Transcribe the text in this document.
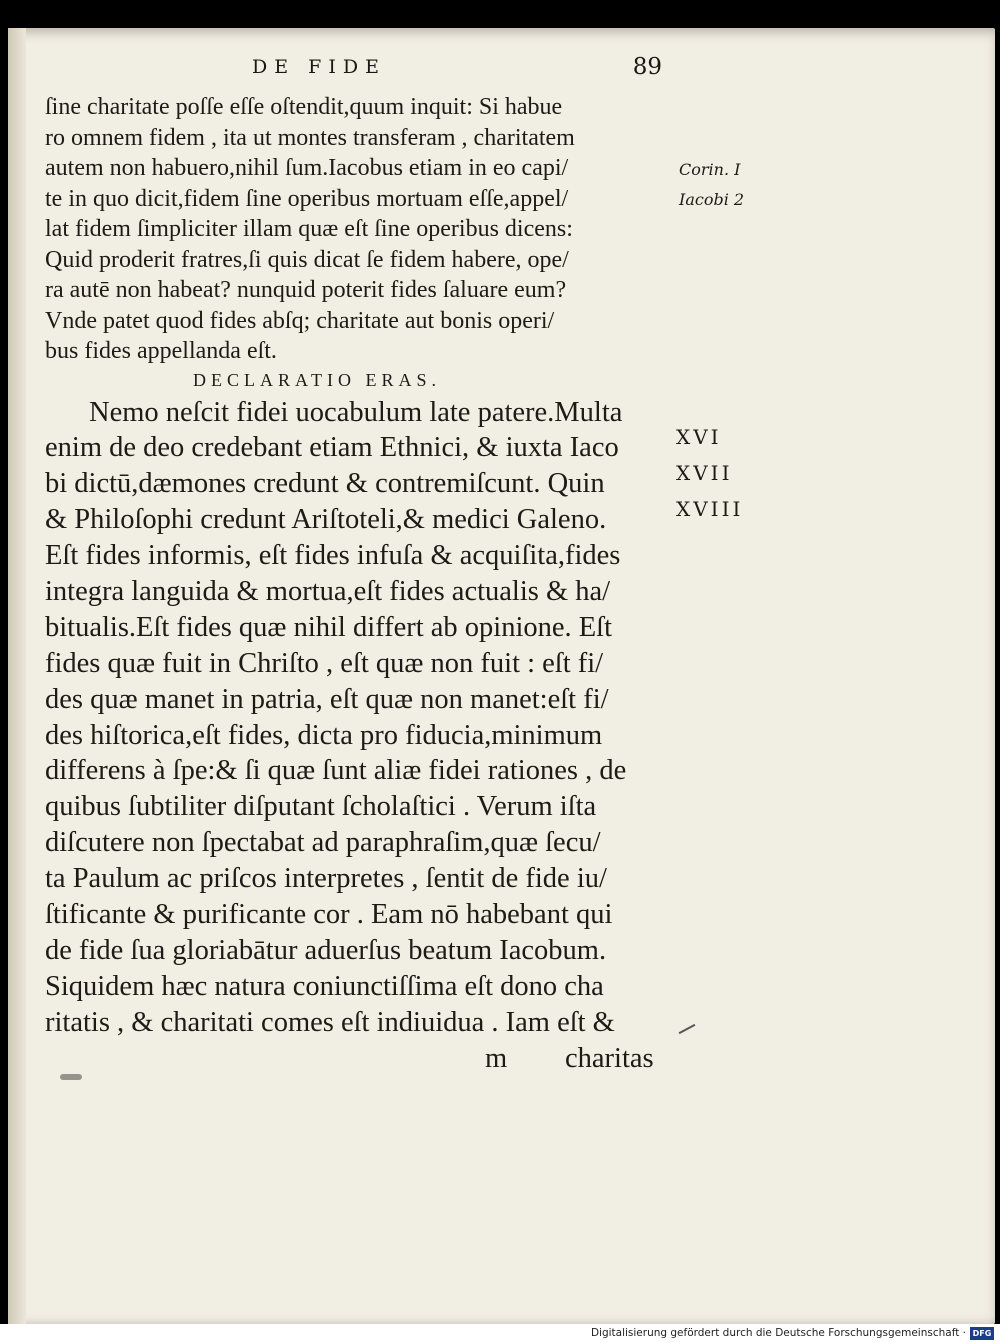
DE FIDE	89
ſine charitate poſſe eſſe oſtendit,quum inquit: Si habue
ro omnem fidem , ita ut montes transferam , charitatem
autem non habuero,nihil ſum.Iacobus etiam in eo capi/
te in quo dicit,fidem ſine operibus mortuam eſſe,appel/
lat fidem ſimpliciter illam quæ eſt ſine operibus dicens:
Quid proderit fratres,ſi quis dicat ſe fidem habere, ope/
ra autē non habeat? nunquid poterit fides ſaluare eum?
Vnde patet quod fides abſq; charitate aut bonis operi/
bus fides appellanda eſt.
DECLARATIO ERAS.
Nemo neſcit fidei uocabulum late patere.Multa
enim de deo credebant etiam Ethnici, & iuxta Iaco
bi dictū,dæmones credunt & contremiſcunt. Quin
& Philoſophi credunt Ariſtoteli,& medici Galeno.
Eſt fides informis, eſt fides infuſa & acquiſita,fides
integra languida & mortua,eſt fides actualis & ha/
bitualis.Eſt fides quæ nihil differt ab opinione. Eſt
fides quæ fuit in Chriſto , eſt quæ non fuit : eſt fi/
des quæ manet in patria, eſt quæ non manet:eſt fi/
des hiſtorica,eſt fides, dicta pro fiducia,minimum
differens à ſpe:& ſi quæ ſunt aliæ fidei rationes , de
quibus ſubtiliter diſputant ſcholaſtici . Verum iſta
diſcutere non ſpectabat ad paraphraſim,quæ ſecu/
ta Paulum ac priſcos interpretes , ſentit de fide iu/
ſtificante & purificante cor . Eam nō habebant qui
de fide ſua gloriabātur aduerſus beatum Iacobum.
Siquidem hæc natura coniunctiſſima eſt dono cha
ritatis , & charitati comes eſt indiuidua . Iam eſt &
m charitas
Corin. I
Iacobi 2
XVI
XVII
XVIII
Digitalisierung gefördert durch die Deutsche Forschungsgemeinschaft · DFG
